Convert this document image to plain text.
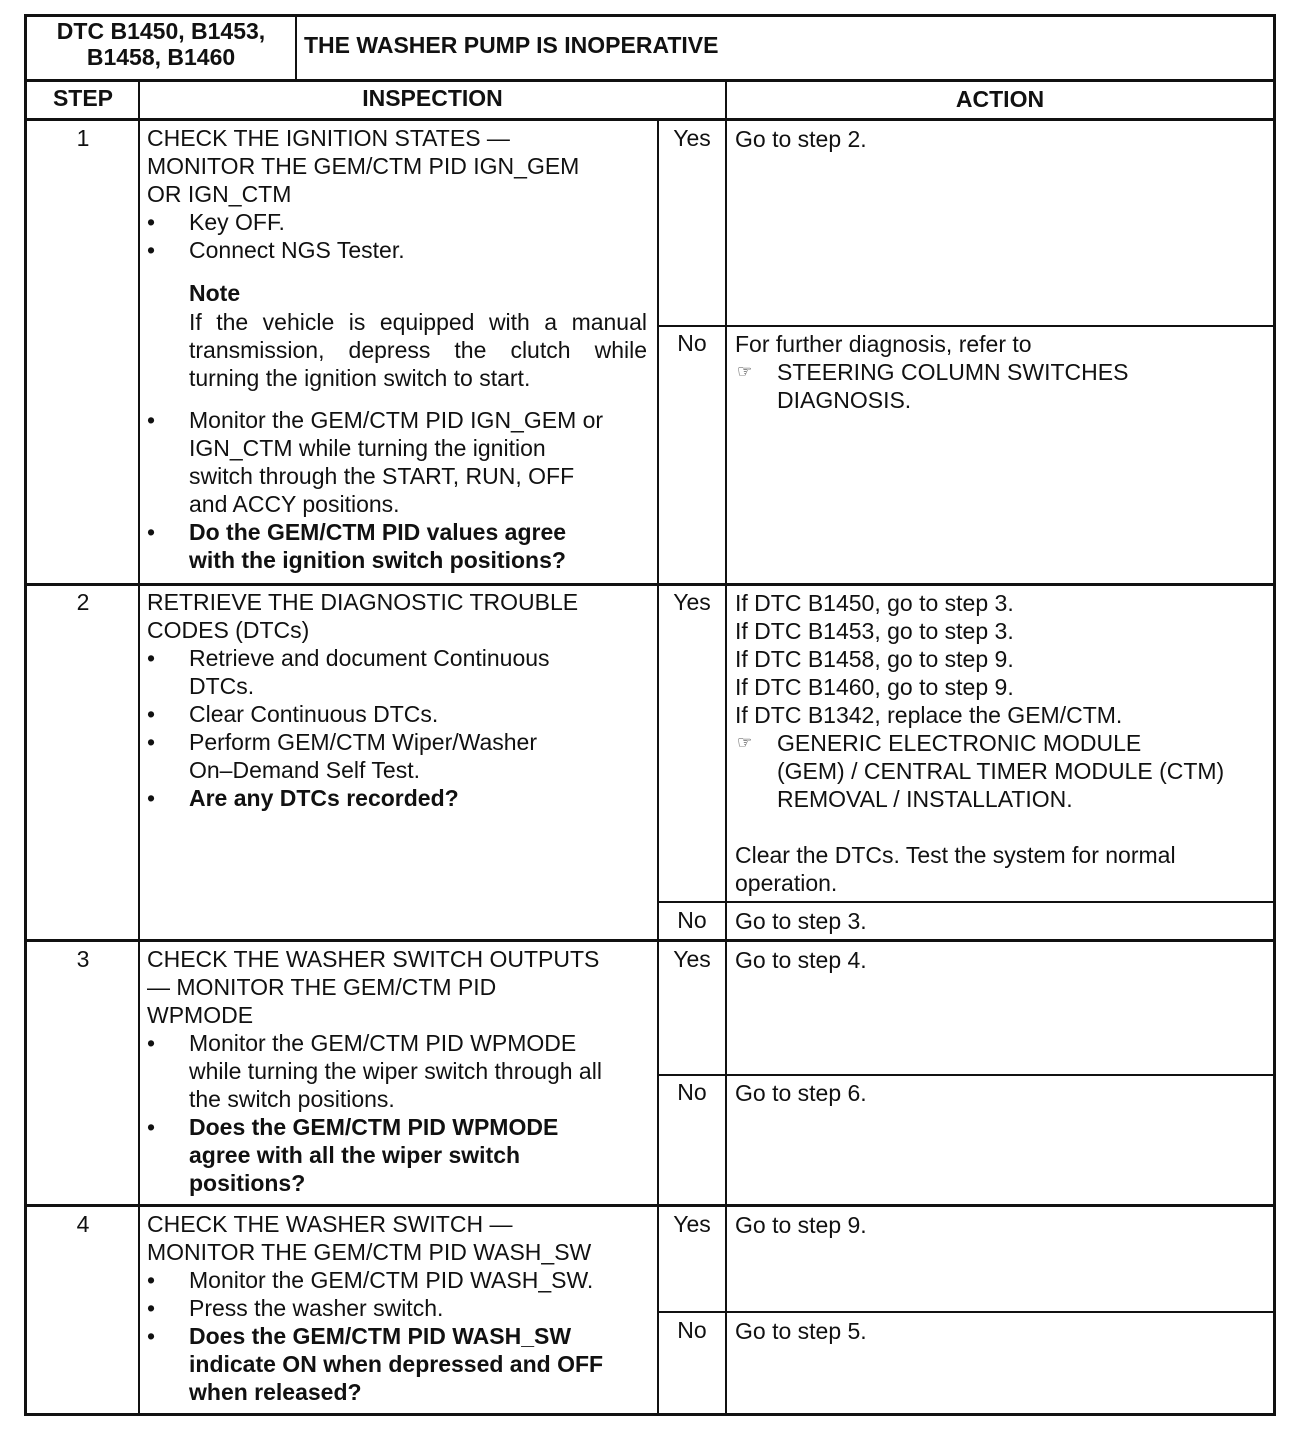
DTC B1450, B1453,
B1458, B1460	THE WASHER PUMP IS INOPERATIVE
STEP	INSPECTION	ACTION
1	CHECK THE IGNITION STATES —
MONITOR THE GEM/CTM PID IGN_GEM
OR IGN_CTM
• Key OFF.
• Connect NGS Tester.
Note
If the vehicle is equipped with a manual transmission, depress the clutch while turning the ignition switch to start.
• Monitor the GEM/CTM PID IGN_GEM or
IGN_CTM while turning the ignition
switch through the START, RUN, OFF
and ACCY positions.
• Do the GEM/CTM PID values agree
with the ignition switch positions?
Yes	Go to step 2.
No	For further diagnosis, refer to
☞ STEERING COLUMN SWITCHES
DIAGNOSIS.
2	RETRIEVE THE DIAGNOSTIC TROUBLE
CODES (DTCs)
• Retrieve and document Continuous
DTCs.
• Clear Continuous DTCs.
• Perform GEM/CTM Wiper/Washer
On–Demand Self Test.
• Are any DTCs recorded?
Yes	If DTC B1450, go to step 3.
If DTC B1453, go to step 3.
If DTC B1458, go to step 9.
If DTC B1460, go to step 9.
If DTC B1342, replace the GEM/CTM.
☞ GENERIC ELECTRONIC MODULE
(GEM) / CENTRAL TIMER MODULE (CTM)
REMOVAL / INSTALLATION.
Clear the DTCs. Test the system for normal
operation.
No	Go to step 3.
3	CHECK THE WASHER SWITCH OUTPUTS
— MONITOR THE GEM/CTM PID
WPMODE
• Monitor the GEM/CTM PID WPMODE
while turning the wiper switch through all
the switch positions.
• Does the GEM/CTM PID WPMODE
agree with all the wiper switch
positions?
Yes	Go to step 4.
No	Go to step 6.
4	CHECK THE WASHER SWITCH —
MONITOR THE GEM/CTM PID WASH_SW
• Monitor the GEM/CTM PID WASH_SW.
• Press the washer switch.
• Does the GEM/CTM PID WASH_SW
indicate ON when depressed and OFF
when released?
Yes	Go to step 9.
No	Go to step 5.
